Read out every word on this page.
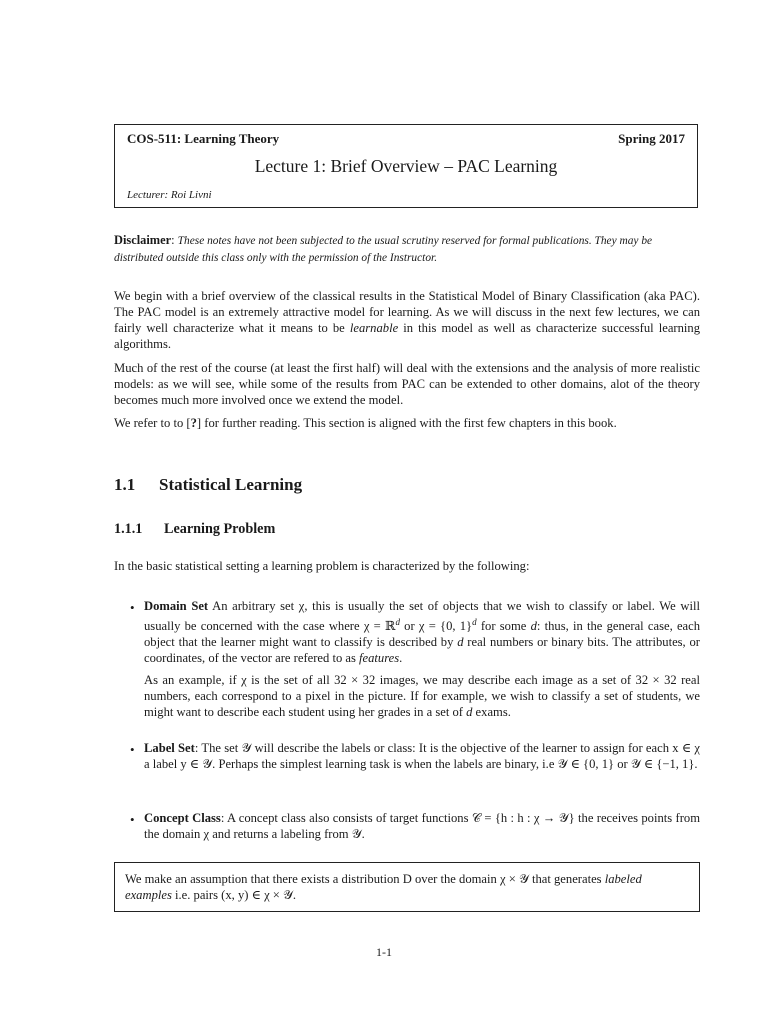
COS-511: Learning Theory	Spring 2017
Lecture 1: Brief Overview – PAC Learning
Lecturer: Roi Livni
Disclaimer: These notes have not been subjected to the usual scrutiny reserved for formal publications. They may be distributed outside this class only with the permission of the Instructor.
We begin with a brief overview of the classical results in the Statistical Model of Binary Classification (aka PAC). The PAC model is an extremely attractive model for learning. As we will discuss in the next few lectures, we can fairly well characterize what it means to be learnable in this model as well as characterize successful learning algorithms.
Much of the rest of the course (at least the first half) will deal with the extensions and the analysis of more realistic models: as we will see, while some of the results from PAC can be extended to other domains, alot of the theory becomes much more involved once we extend the model.
We refer to to [?] for further reading. This section is aligned with the first few chapters in this book.
1.1 Statistical Learning
1.1.1 Learning Problem
In the basic statistical setting a learning problem is characterized by the following:
• Domain Set An arbitrary set χ, this is usually the set of objects that we wish to classify or label. We will usually be concerned with the case where χ = ℝ$^d$ or χ = {0, 1}$^d$ for some d: thus, in the general case, each object that the learner might want to classify is described by d real numbers or binary bits. The attributes, or coordinates, of the vector are refered to as features.
As an example, if χ is the set of all 32 × 32 images, we may describe each image as a set of 32 × 32 real numbers, each correspond to a pixel in the picture. If for example, we wish to classify a set of students, we might want to describe each student using her grades in a set of d exams.
• Label Set: The set 𝒴 will describe the labels or class: It is the objective of the learner to assign for each x ∈ χ a label y ∈ 𝒴. Perhaps the simplest learning task is when the labels are binary, i.e 𝒴 ∈ {0, 1} or 𝒴 ∈ {−1, 1}.
• Concept Class: A concept class also consists of target functions 𝒞 = {h : h : χ → 𝒴} the receives points from the domain χ and returns a labeling from 𝒴.
We make an assumption that there exists a distribution D over the domain χ × 𝒴 that generates labeled examples i.e. pairs (x, y) ∈ χ × 𝒴.
1-1
